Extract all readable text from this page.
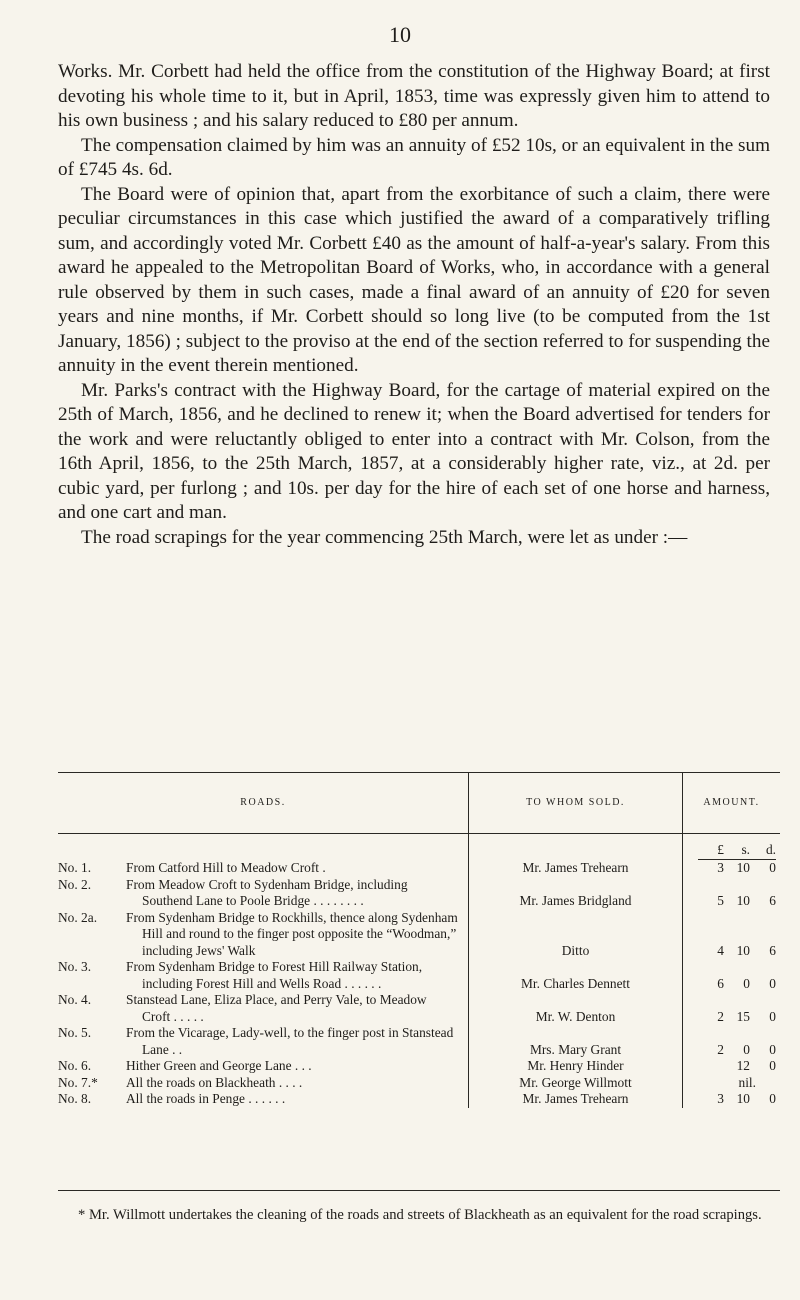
10

Works. Mr. Corbett had held the office from the constitution of the Highway Board; at first devoting his whole time to it, but in April, 1853, time was expressly given him to attend to his own business ; and his salary reduced to £80 per annum.

The compensation claimed by him was an annuity of £52 10s, or an equivalent in the sum of £745 4s. 6d.

The Board were of opinion that, apart from the exorbitance of such a claim, there were peculiar circumstances in this case which justified the award of a comparatively trifling sum, and accordingly voted Mr. Corbett £40 as the amount of half-a-year's salary. From this award he appealed to the Metropolitan Board of Works, who, in accordance with a general rule observed by them in such cases, made a final award of an annuity of £20 for seven years and nine months, if Mr. Corbett should so long live (to be computed from the 1st January, 1856) ; subject to the proviso at the end of the section referred to for suspending the annuity in the event therein mentioned.

Mr. Parks's contract with the Highway Board, for the cartage of material expired on the 25th of March, 1856, and he declined to renew it; when the Board advertised for tenders for the work and were reluctantly obliged to enter into a contract with Mr. Colson, from the 16th April, 1856, to the 25th March, 1857, at a considerably higher rate, viz., at 2d. per cubic yard, per furlong ; and 10s. per day for the hire of each set of one horse and harness, and one cart and man.

The road scrapings for the year commencing 25th March, were let as under :—

ROADS.	TO WHOM SOLD.	AMOUNT.

		£ s. d.

No. 1. From Catford Hill to Meadow Croft .	Mr. James Trehearn	3 10 0

No. 2. From Meadow Croft to Sydenham Bridge, including Southend Lane to Poole Bridge . . . . . . . .	Mr. James Bridgland	5 10 6

No. 2a. From Sydenham Bridge to Rockhills, thence along Sydenham Hill and round to the finger post opposite the “Woodman,” including Jews' Walk	Ditto	4 10 6

No. 3. From Sydenham Bridge to Forest Hill Railway Station, including Forest Hill and Wells Road . . . . . .	Mr. Charles Dennett	6 0 0

No. 4. Stanstead Lane, Eliza Place, and Perry Vale, to Meadow Croft . . . . .	Mr. W. Denton	2 15 0

No. 5. From the Vicarage, Lady-well, to the finger post in Stanstead Lane . .	Mrs. Mary Grant	2 0 0

No. 6. Hither Green and George Lane . . .	Mr. Henry Hinder	12 0

No. 7.* All the roads on Blackheath . . . .	Mr. George Willmott	nil.

No. 8. All the roads in Penge . . . . . .	Mr. James Trehearn	3 10 0
* Mr. Willmott undertakes the cleaning of the roads and streets of Blackheath as an equivalent for the road scrapings.
